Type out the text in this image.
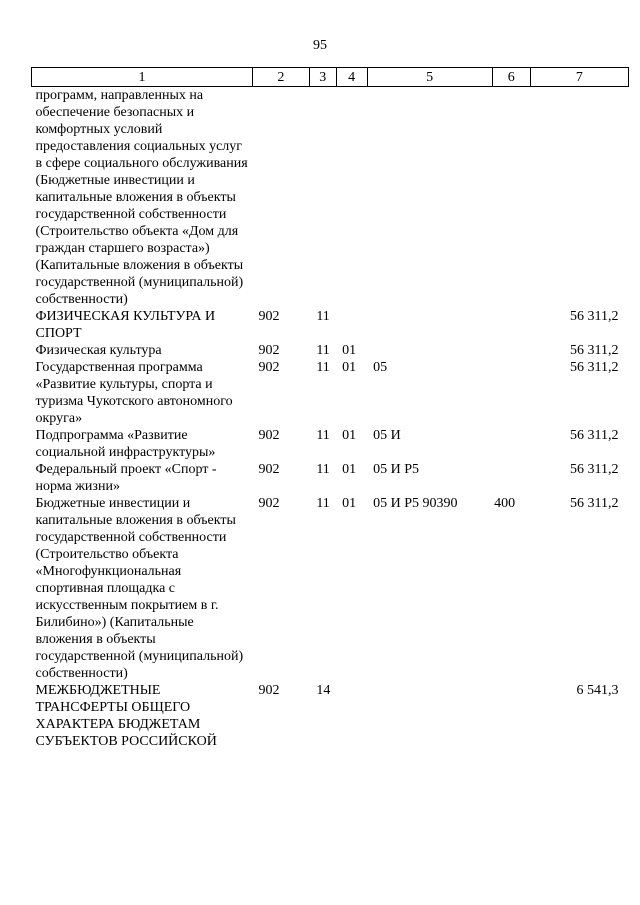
95
1	2	3	4	5	6	7
программ, направленных на обеспечение безопасных и комфортных условий предоставления социальных услуг в сфере социального обслуживания (Бюджетные инвестиции и капитальные вложения в объекты государственной собственности (Строительство объекта «Дом для граждан старшего возраста») (Капитальные вложения в объекты государственной (муниципальной) собственности)						
ФИЗИЧЕСКАЯ КУЛЬТУРА И СПОРТ	902	11				56 311,2
Физическая культура	902	11	01			56 311,2
Государственная программа «Развитие культуры, спорта и туризма Чукотского автономного округа»	902	11	01	05		56 311,2
Подпрограмма «Развитие социальной инфраструктуры»	902	11	01	05 И		56 311,2
Федеральный проект «Спорт - норма жизни»	902	11	01	05 И Р5		56 311,2
Бюджетные инвестиции и капитальные вложения в объекты государственной собственности (Строительство объекта «Многофункциональная спортивная площадка с искусственным покрытием в г. Билибино») (Капитальные вложения в объекты государственной (муниципальной) собственности)	902	11	01	05 И Р5 90390	400	56 311,2
МЕЖБЮДЖЕТНЫЕ ТРАНСФЕРТЫ ОБЩЕГО ХАРАКТЕРА БЮДЖЕТАМ СУБЪЕКТОВ РОССИЙСКОЙ	902	14				6 541,3
